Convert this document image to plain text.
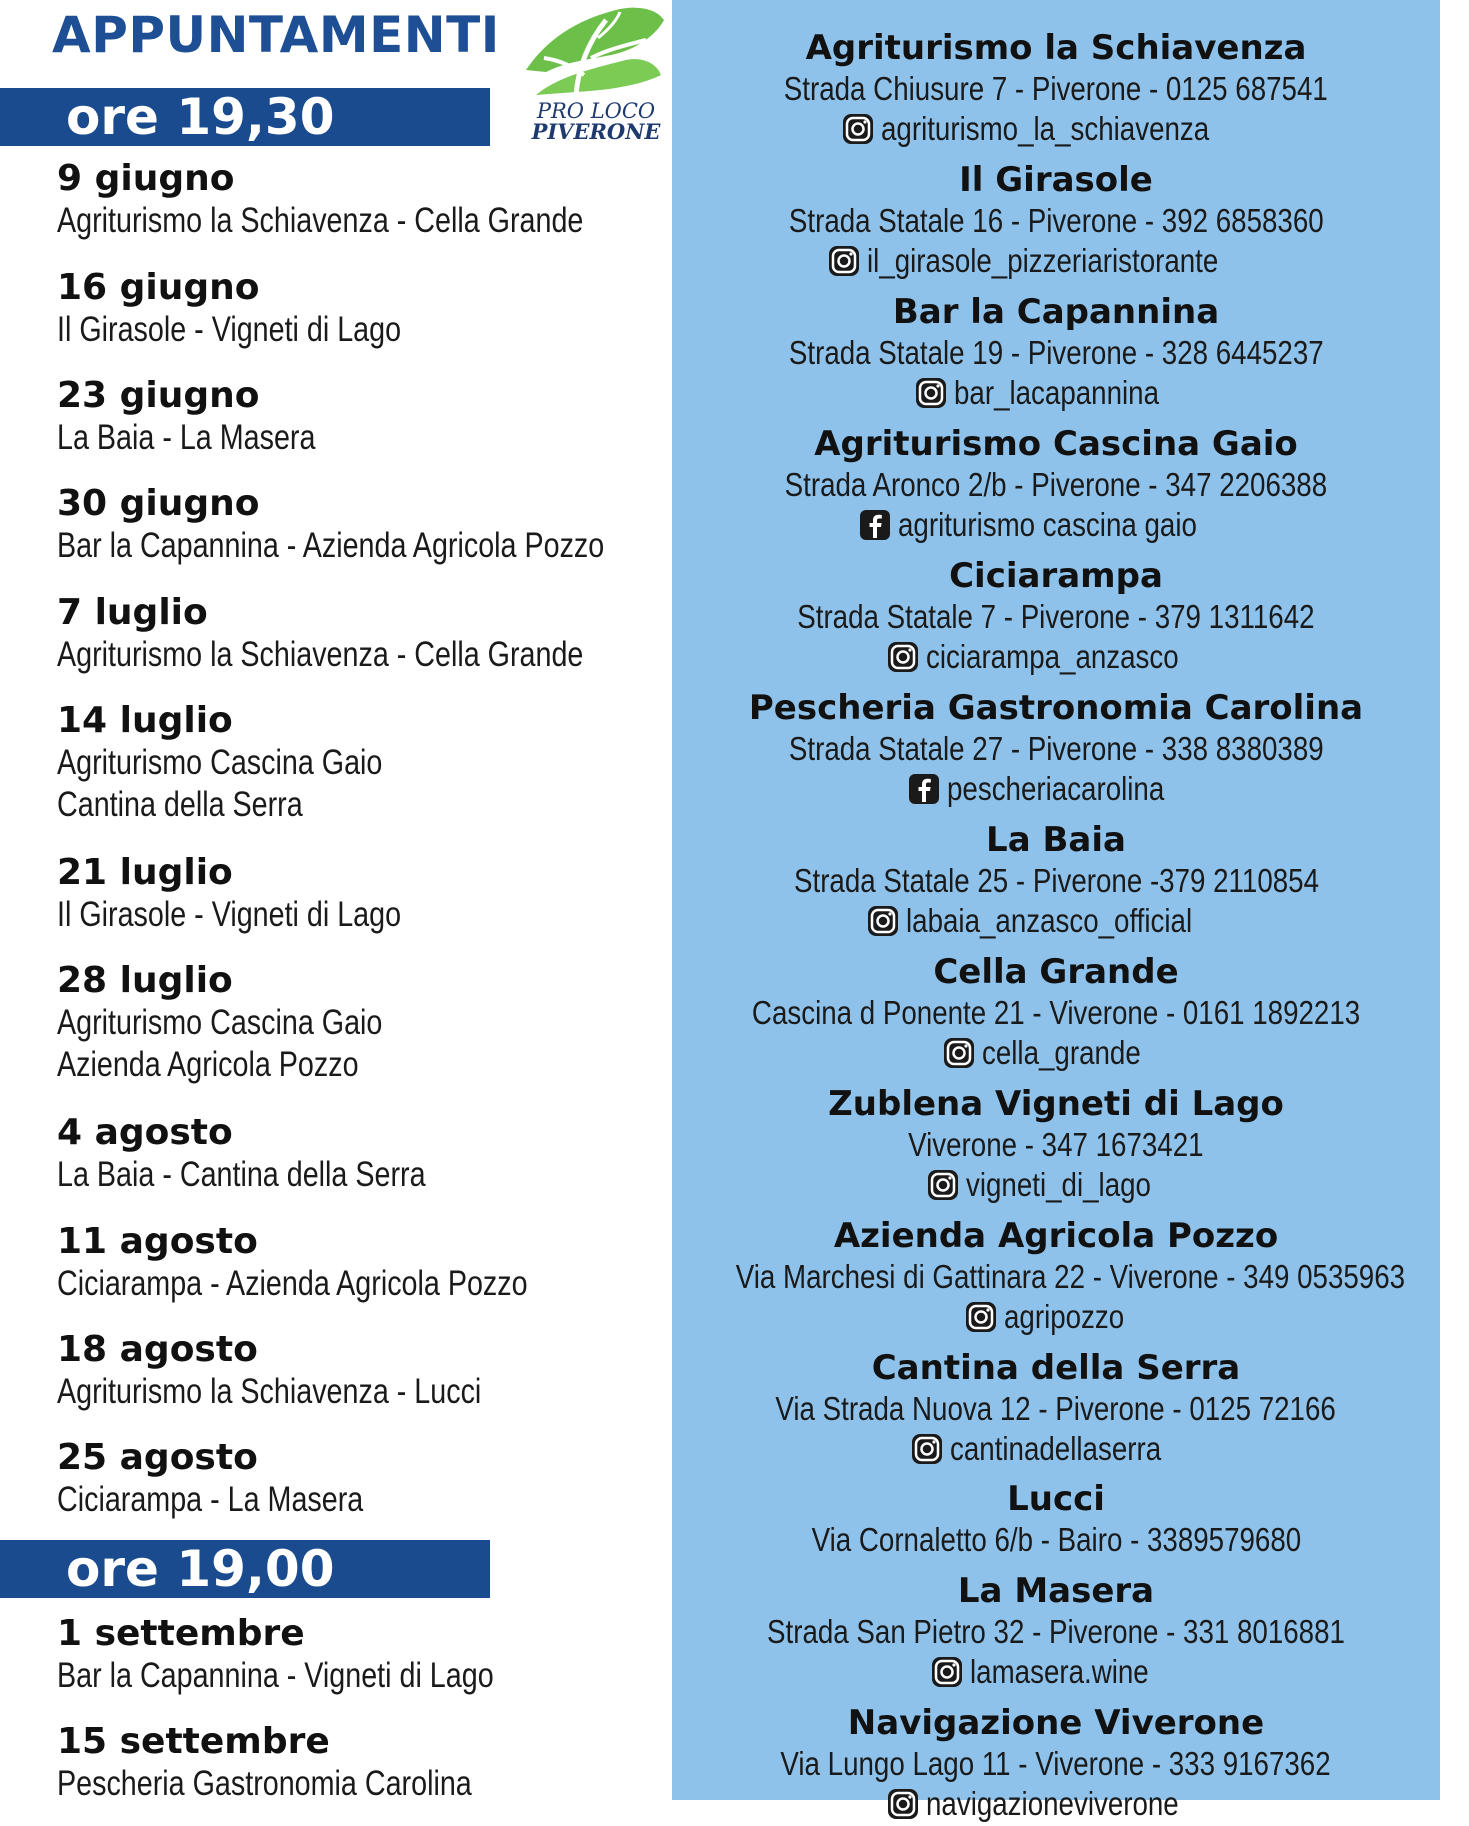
APPUNTAMENTI
PRO LOCO
PIVERONE
ore 19,30
9 giugno
Agriturismo la Schiavenza - Cella Grande
16 giugno
Il Girasole - Vigneti di Lago
23 giugno
La Baia - La Masera
30 giugno
Bar la Capannina - Azienda Agricola Pozzo
7 luglio
Agriturismo la Schiavenza - Cella Grande
14 luglio
Agriturismo Cascina Gaio
Cantina della Serra
21 luglio
Il Girasole - Vigneti di Lago
28 luglio
Agriturismo Cascina Gaio
Azienda Agricola Pozzo
4 agosto
La Baia - Cantina della Serra
11 agosto
Ciciarampa - Azienda Agricola Pozzo
18 agosto
Agriturismo la Schiavenza - Lucci
25 agosto
Ciciarampa - La Masera
ore 19,00
1 settembre
Bar la Capannina - Vigneti di Lago
15 settembre
Pescheria Gastronomia Carolina
Agriturismo la Schiavenza
Strada Chiusure 7 - Piverone - 0125 687541
agriturismo_la_schiavenza
Il Girasole
Strada Statale 16 - Piverone - 392 6858360
il_girasole_pizzeriaristorante
Bar la Capannina
Strada Statale 19 - Piverone - 328 6445237
bar_lacapannina
Agriturismo Cascina Gaio
Strada Aronco 2/b - Piverone - 347 2206388
agriturismo cascina gaio
Ciciarampa
Strada Statale 7 - Piverone - 379 1311642
ciciarampa_anzasco
Pescheria Gastronomia Carolina
Strada Statale 27 - Piverone - 338 8380389
pescheriacarolina
La Baia
Strada Statale 25 - Piverone -379 2110854
labaia_anzasco_official
Cella Grande
Cascina d Ponente 21 - Viverone - 0161 1892213
cella_grande
Zublena Vigneti di Lago
Viverone - 347 1673421
vigneti_di_lago
Azienda Agricola Pozzo
Via Marchesi di Gattinara 22 - Viverone - 349 0535963
agripozzo
Cantina della Serra
Via Strada Nuova 12 - Piverone - 0125 72166
cantinadellaserra
Lucci
Via Cornaletto 6/b - Bairo - 3389579680
La Masera
Strada San Pietro 32 - Piverone - 331 8016881
lamasera.wine
Navigazione Viverone
Via Lungo Lago 11 - Viverone - 333 9167362
navigazioneviverone
